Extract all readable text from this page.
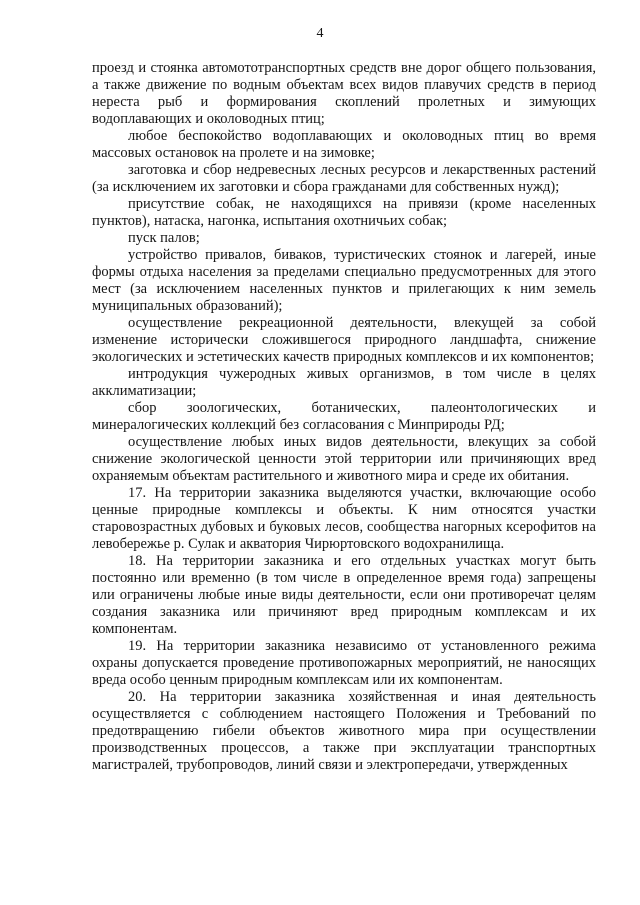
4

проезд и стоянка автомототранспортных средств вне дорог общего пользования, а также движение по водным объектам всех видов плавучих средств в период нереста рыб и формирования скоплений пролетных и зимующих водоплавающих и околоводных птиц;

любое беспокойство водоплавающих и околоводных птиц во время массовых остановок на пролете и на зимовке;

заготовка и сбор недревесных лесных ресурсов и лекарственных растений (за исключением их заготовки и сбора гражданами для собственных нужд);

присутствие собак, не находящихся на привязи (кроме населенных пунктов), натаска, нагонка, испытания охотничьих собак;

пуск палов;

устройство привалов, биваков, туристических стоянок и лагерей, иные формы отдыха населения за пределами специально предусмотренных для этого мест (за исключением населенных пунктов и прилегающих к ним земель муниципальных образований);

осуществление рекреационной деятельности, влекущей за собой изменение исторически сложившегося природного ландшафта, снижение экологических и эстетических качеств природных комплексов и их компонентов;

интродукция чужеродных живых организмов, в том числе в целях акклиматизации;

сбор зоологических, ботанических, палеонтологических и минералогических коллекций без согласования с Минприроды РД;

осуществление любых иных видов деятельности, влекущих за собой снижение экологической ценности этой территории или причиняющих вред охраняемым объектам растительного и животного мира и среде их обитания.

17. На территории заказника выделяются участки, включающие особо ценные природные комплексы и объекты. К ним относятся участки старовозрастных дубовых и буковых лесов, сообщества нагорных ксерофитов на левобережье р. Сулак и акватория Чирюртовского водохранилища.

18. На территории заказника и его отдельных участках могут быть постоянно или временно (в том числе в определенное время года) запрещены или ограничены любые иные виды деятельности, если они противоречат целям создания заказника или причиняют вред природным комплексам и их компонентам.

19. На территории заказника независимо от установленного режима охраны допускается проведение противопожарных мероприятий, не наносящих вреда особо ценным природным комплексам или их компонентам.

20. На территории заказника хозяйственная и иная деятельность осуществляется с соблюдением настоящего Положения и Требований по предотвращению гибели объектов животного мира при осуществлении производственных процессов, а также при эксплуатации транспортных магистралей, трубопроводов, линий связи и электропередачи, утвержденных
